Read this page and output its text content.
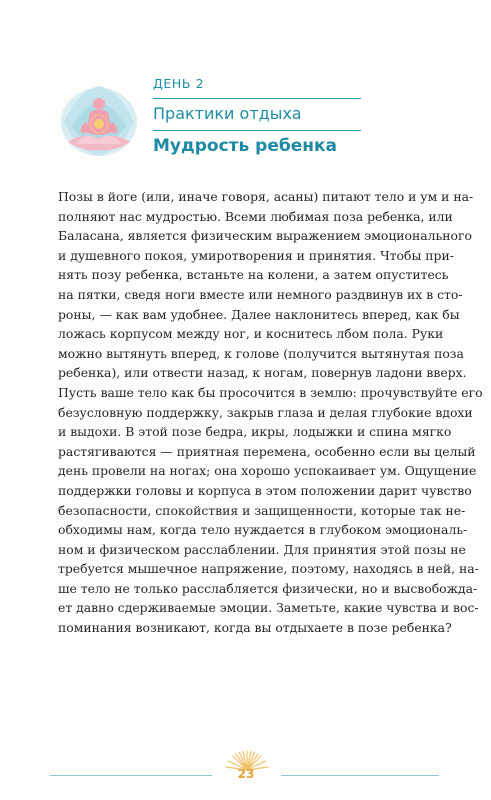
ДЕНЬ 2
Практики отдыха
Мудрость ребенка
Позы в йоге (или, иначе говоря, асаны) питают тело и ум и на-
полняют нас мудростью. Всеми любимая поза ребенка, или
Баласана, является физическим выражением эмоционального
и душевного покоя, умиротворения и принятия. Чтобы при-
нять позу ребенка, встаньте на колени, а затем опуститесь
на пятки, сведя ноги вместе или немного раздвинув их в сто-
роны, — как вам удобнее. Далее наклонитесь вперед, как бы
ложась корпусом между ног, и коснитесь лбом пола. Руки
можно вытянуть вперед, к голове (получится вытянутая поза
ребенка), или отвести назад, к ногам, повернув ладони вверх.
Пусть ваше тело как бы просочится в землю: прочувствуйте его
безусловную поддержку, закрыв глаза и делая глубокие вдохи
и выдохи. В этой позе бедра, икры, лодыжки и спина мягко
растягиваются — приятная перемена, особенно если вы целый
день провели на ногах; она хорошо успокаивает ум. Ощущение
поддержки головы и корпуса в этом положении дарит чувство
безопасности, спокойствия и защищенности, которые так не-
обходимы нам, когда тело нуждается в глубоком эмоциональ-
ном и физическом расслаблении. Для принятия этой позы не
требуется мышечное напряжение, поэтому, находясь в ней, на-
ше тело не только расслабляется физически, но и высвобожда-
ет давно сдерживаемые эмоции. Заметьте, какие чувства и вос-
поминания возникают, когда вы отдыхаете в позе ребенка?
23
